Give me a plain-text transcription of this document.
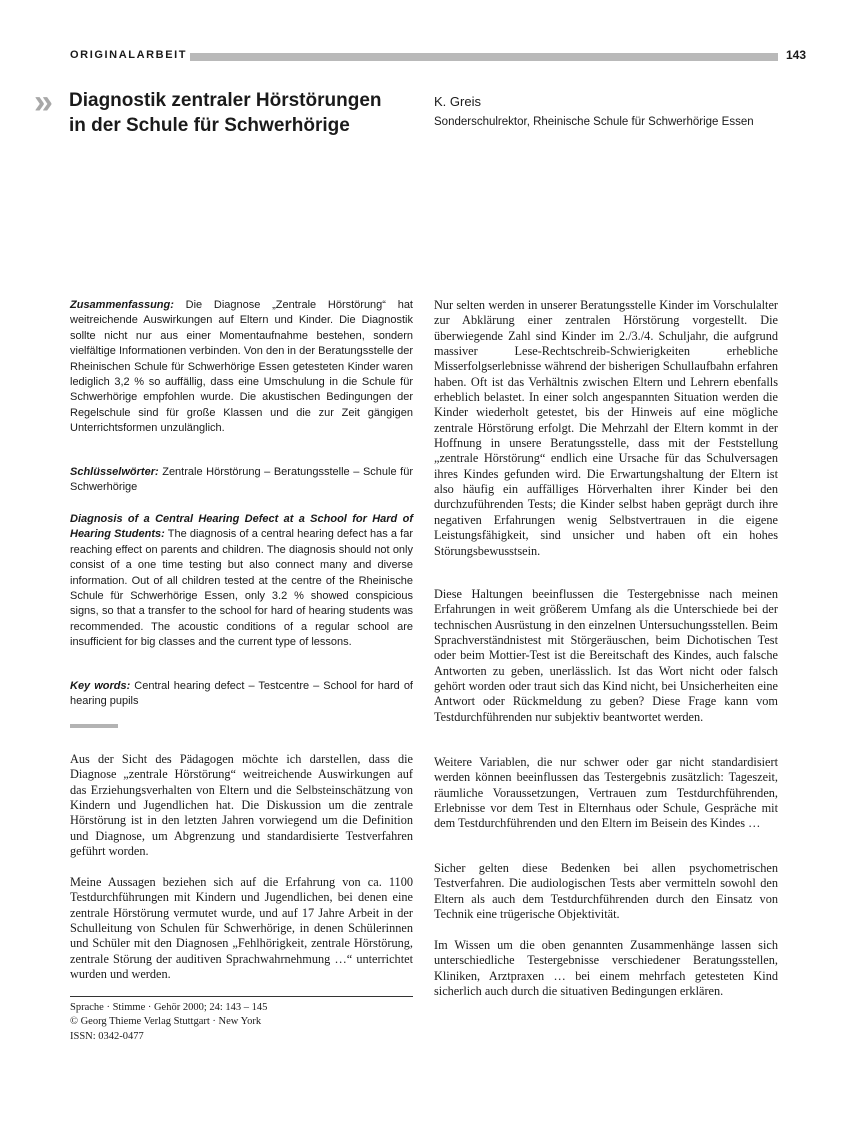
ORIGINALARBEIT	143
» Diagnostik zentraler Hörstörungen
in der Schule für Schwerhörige
K. Greis
Sonderschulrektor, Rheinische Schule für Schwerhörige Essen

Zusammenfassung: Die Diagnose „Zentrale Hörstörung“ hat weitreichende Auswirkungen auf Eltern und Kinder. Die Diagnostik sollte nicht nur aus einer Momentaufnahme bestehen, sondern vielfältige Informationen verbinden. Von den in der Beratungsstelle der Rheinischen Schule für Schwerhörige Essen getesteten Kinder waren lediglich 3,2 % so auffällig, dass eine Umschulung in die Schule für Schwerhörige empfohlen wurde. Die akustischen Bedingungen der Regelschule sind für große Klassen und die zur Zeit gängigen Unterrichtsformen unzulänglich.

Schlüsselwörter: Zentrale Hörstörung – Beratungsstelle – Schule für Schwerhörige

Diagnosis of a Central Hearing Defect at a School for Hard of Hearing Students: The diagnosis of a central hearing defect has a far reaching effect on parents and children. The diagnosis should not only consist of a one time testing but also connect many and diverse information. Out of all children tested at the centre of the Rheinische Schule für Schwerhörige Essen, only 3.2 % showed conspicious signs, so that a transfer to the school for hard of hearing students was recommended. The acoustic conditions of a regular school are insufficient for big classes and the current type of lessons.

Key words: Central hearing defect – Testcentre – School for hard of hearing pupils

Aus der Sicht des Pädagogen möchte ich darstellen, dass die Diagnose „zentrale Hörstörung“ weitreichende Auswirkungen auf das Erziehungsverhalten von Eltern und die Selbsteinschätzung von Kindern und Jugendlichen hat. Die Diskussion um die zentrale Hörstörung ist in den letzten Jahren vorwiegend um die Definition und Diagnose, um Abgrenzung und standardisierte Testverfahren geführt worden.

Meine Aussagen beziehen sich auf die Erfahrung von ca. 1100 Testdurchführungen mit Kindern und Jugendlichen, bei denen eine zentrale Hörstörung vermutet wurde, und auf 17 Jahre Arbeit in der Schulleitung von Schulen für Schwerhörige, in denen Schülerinnen und Schüler mit den Diagnosen „Fehlhörigkeit, zentrale Hörstörung, zentrale Störung der auditiven Sprachwahrnehmung …“ unterrichtet wurden und werden.

Sprache · Stimme · Gehör 2000; 24: 143 – 145
© Georg Thieme Verlag Stuttgart · New York
ISSN: 0342-0477

Nur selten werden in unserer Beratungsstelle Kinder im Vorschulalter zur Abklärung einer zentralen Hörstörung vorgestellt. Die überwiegende Zahl sind Kinder im 2./3./4. Schuljahr, die aufgrund massiver Lese-Rechtschreib-Schwierigkeiten erhebliche Misserfolgserlebnisse während der bisherigen Schullaufbahn erfahren haben. Oft ist das Verhältnis zwischen Eltern und Lehrern ebenfalls erheblich belastet. In einer solch angespannten Situation werden die Kinder wiederholt getestet, bis der Hinweis auf eine mögliche zentrale Hörstörung erfolgt. Die Mehrzahl der Eltern kommt in der Hoffnung in unsere Beratungsstelle, dass mit der Feststellung „zentrale Hörstörung“ endlich eine Ursache für das Schulversagen ihres Kindes gefunden wird. Die Erwartungshaltung der Eltern ist also häufig ein auffälliges Hörverhalten ihrer Kinder bei den durchzuführenden Tests; die Kinder selbst haben geprägt durch ihre negativen Erfahrungen wenig Selbstvertrauen in die eigene Leistungsfähigkeit, sind unsicher und haben oft ein hohes Störungsbewusstsein.

Diese Haltungen beeinflussen die Testergebnisse nach meinen Erfahrungen in weit größerem Umfang als die Unterschiede bei der technischen Ausrüstung in den einzelnen Untersuchungsstellen. Beim Sprachverständnistest mit Störgeräuschen, beim Dichotischen Test oder beim Mottier-Test ist die Bereitschaft des Kindes, auch falsche Antworten zu geben, unerlässlich. Ist das Wort nicht oder falsch gehört worden oder traut sich das Kind nicht, bei Unsicherheiten eine Antwort oder Rückmeldung zu geben? Diese Frage kann vom Testdurchführenden nur subjektiv beantwortet werden.

Weitere Variablen, die nur schwer oder gar nicht standardisiert werden können beeinflussen das Testergebnis zusätzlich: Tageszeit, räumliche Voraussetzungen, Vertrauen zum Testdurchführenden, Erlebnisse vor dem Test in Elternhaus oder Schule, Gespräche mit dem Testdurchführenden und den Eltern im Beisein des Kindes …

Sicher gelten diese Bedenken bei allen psychometrischen Testverfahren. Die audiologischen Tests aber vermitteln sowohl den Eltern als auch dem Testdurchführenden durch den Einsatz von Technik eine trügerische Objektivität.

Im Wissen um die oben genannten Zusammenhänge lassen sich unterschiedliche Testergebnisse verschiedener Beratungsstellen, Kliniken, Arztpraxen … bei einem mehrfach getesteten Kind sicherlich auch durch die situativen Bedingungen erklären.
